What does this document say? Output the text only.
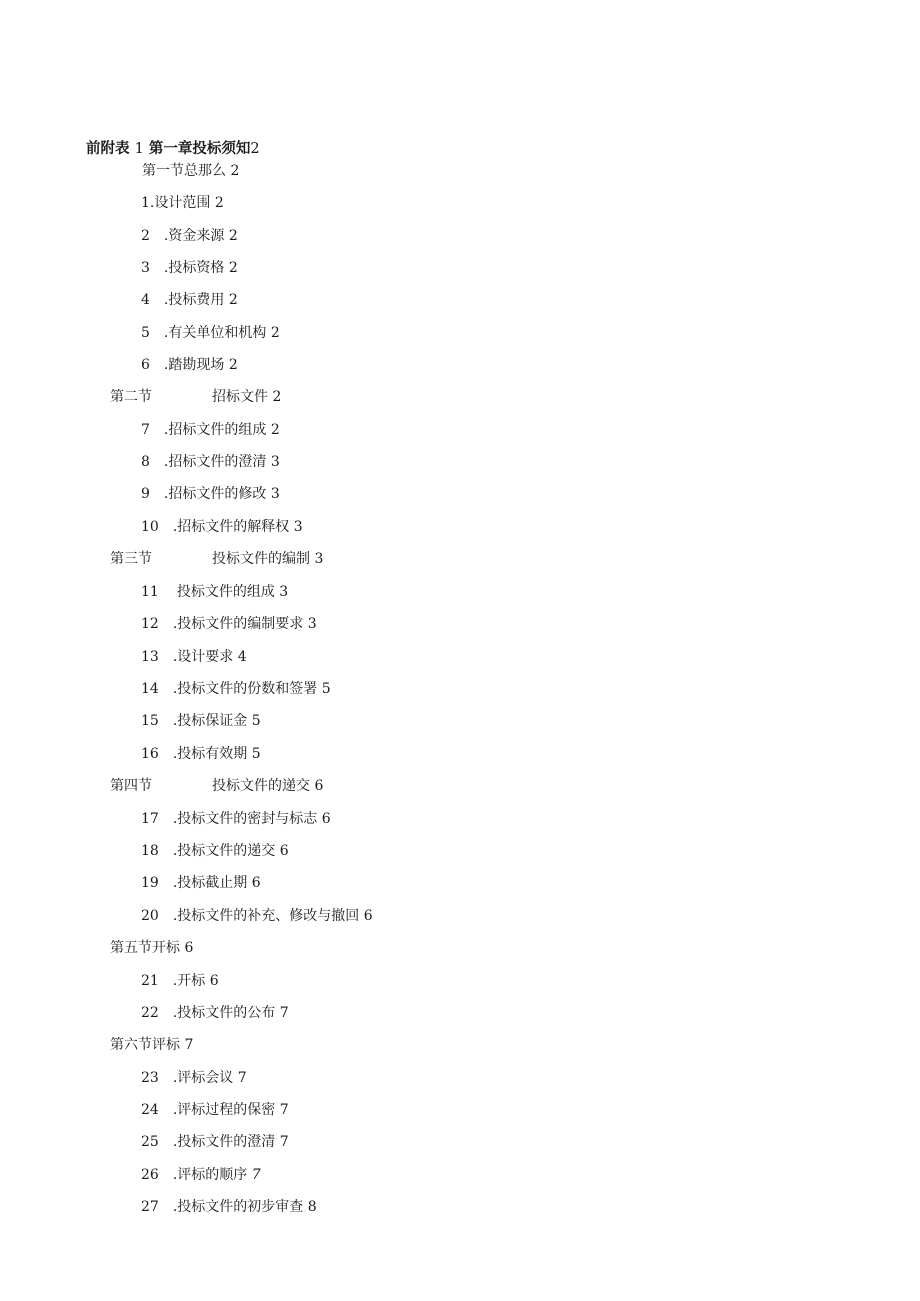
前附表 1 第一章投标须知2
第一节总那么 2
1.设计范围 2
2 .资金来源 2
3 .投标资格 2
4 .投标费用 2
5 .有关单位和机构 2
6 .踏勘现场 2
第二节	招标文件 2
7 .招标文件的组成 2
8 .招标文件的澄清 3
9 .招标文件的修改 3
10 .招标文件的解释权 3
第三节	投标文件的编制 3
11 投标文件的组成 3
12 .投标文件的编制要求 3
13 .设计要求 4
14 .投标文件的份数和签署 5
15 .投标保证金 5
16 .投标有效期 5
第四节	投标文件的递交 6
17 .投标文件的密封与标志 6
18 .投标文件的递交 6
19 .投标截止期 6
20 .投标文件的补充、修改与撤回 6
第五节开标 6
21 .开标 6
22 .投标文件的公布 7
第六节评标 7
23 .评标会议 7
24 .评标过程的保密 7
25 .投标文件的澄清 7
26 .评标的顺序 7
27 .投标文件的初步审查 8
